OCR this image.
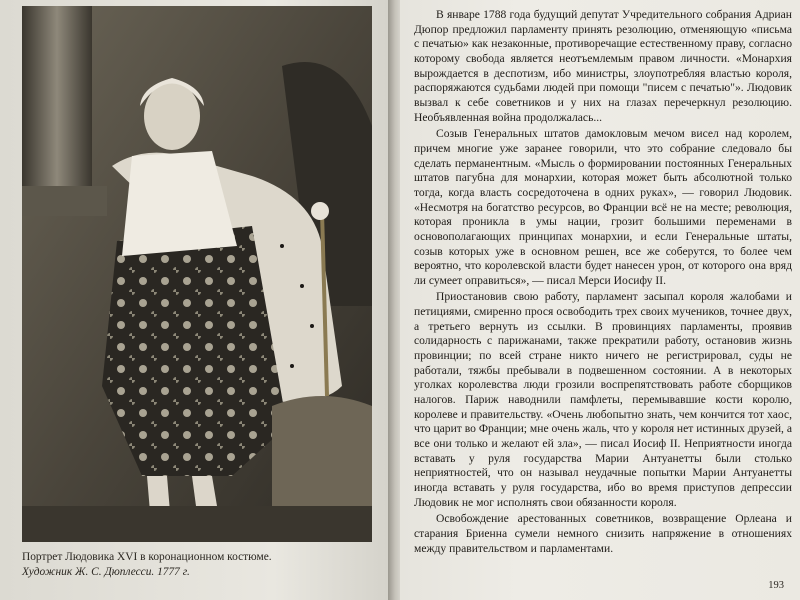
Портрет Людовика XVI в коронационном костюме.
Художник Ж. С. Дюплесси. 1777 г.

В январе 1788 года будущий депутат Учредительного собрания Адриан Дюпор предложил парламенту принять резолюцию, отменяющую «письма с печатью» как незаконные, противоречащие естественному праву, согласно которому свобода является неотъемлемым правом личности. «Монархия вырождается в деспотизм, ибо министры, злоупотребляя властью короля, распоряжаются судьбами людей при помощи "писем с печатью"». Людовик вызвал к себе советников и у них на глазах перечеркнул резолюцию. Необъявленная война продолжалась...

Созыв Генеральных штатов дамокловым мечом висел над королем, причем многие уже заранее говорили, что это собрание следовало бы сделать перманентным. «Мысль о формировании постоянных Генеральных штатов пагубна для монархии, которая может быть абсолютной только тогда, когда власть сосредоточена в одних руках», — говорил Людовик. «Несмотря на богатство ресурсов, во Франции всё не на месте; революция, которая проникла в умы нации, грозит большими переменами в основополагающих принципах монархии, и если Генеральные штаты, созыв которых уже в основном решен, все же соберутся, то более чем вероятно, что королевской власти будет нанесен урон, от которого она вряд ли сумеет оправиться», — писал Мерси Иосифу II.

Приостановив свою работу, парламент засыпал короля жалобами и петициями, смиренно прося освободить трех своих мучеников, точнее двух, а третьего вернуть из ссылки. В провинциях парламенты, проявив солидарность с парижанами, также прекратили работу, остановив жизнь провинции; по всей стране никто ничего не регистрировал, суды не работали, тяжбы пребывали в подвешенном состоянии. А в некоторых уголках королевства люди грозили воспрепятствовать работе сборщиков налогов. Париж наводнили памфлеты, перемывавшие кости королю, королеве и правительству. «Очень любопытно знать, чем кончится тот хаос, что царит во Франции; мне очень жаль, что у короля нет истинных друзей, а все они только и желают ей зла», — писал Иосиф II. Неприятности иногда вставать у руля государства Марии Антуанетты были столько неприятностей, что он называл неудачные попытки Марии Антуанетты иногда вставать у руля государства, ибо во время приступов депрессии Людовик не мог исполнять свои обязанности короля.

Освобождение арестованных советников, возвращение Орлеана и старания Бриенна сумели немного снизить напряжение в отношениях между правительством и парламентами.

193
